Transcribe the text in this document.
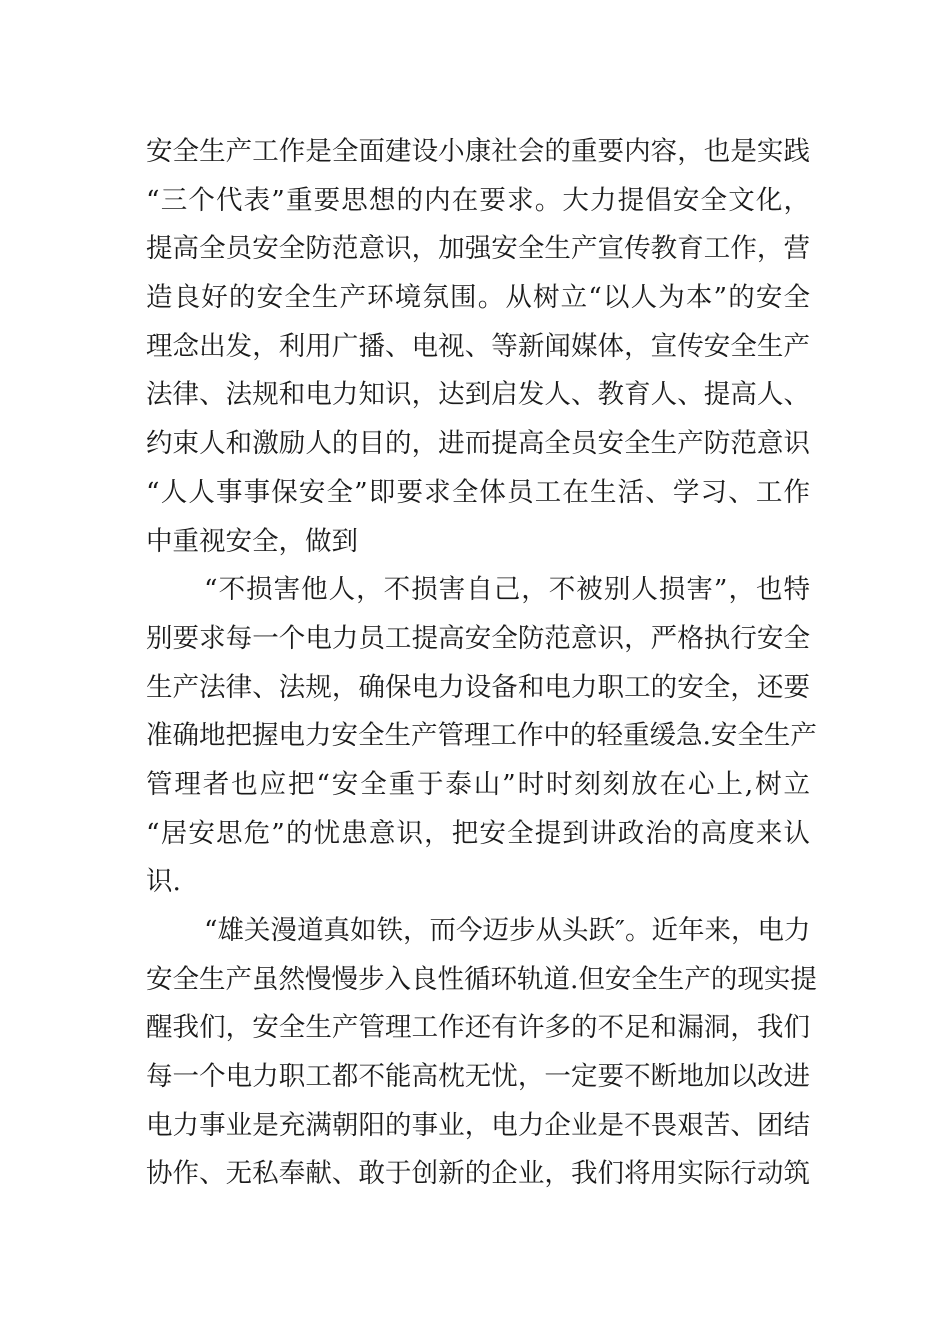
安全生产工作是全面建设小康社会的重要内容，也是实践
“三个代表”重要思想的内在要求。大力提倡安全文化，
提高全员安全防范意识，加强安全生产宣传教育工作，营
造良好的安全生产环境氛围。从树立“以人为本”的安全
理念出发，利用广播、电视、等新闻媒体，宣传安全生产
法律、法规和电力知识，达到启发人、教育人、提高人、
约束人和激励人的目的，进而提高全员安全生产防范意识
“人人事事保安全”即要求全体员工在生活、学习、工作
中重视安全，做到
“不损害他人，不损害自己，不被别人损害”，也特
别要求每一个电力员工提高安全防范意识，严格执行安全
生产法律、法规，确保电力设备和电力职工的安全，还要
准确地把握电力安全生产管理工作中的轻重缓急.安全生产
管理者也应把“安全重于泰山”时时刻刻放在心上,树立
“居安思危”的忧患意识，把安全提到讲政治的高度来认
识.
“雄关漫道真如铁，而今迈步从头跃″。近年来，电力
安全生产虽然慢慢步入良性循环轨道.但安全生产的现实提
醒我们，安全生产管理工作还有许多的不足和漏洞，我们
每一个电力职工都不能高枕无忧，一定要不断地加以改进
电力事业是充满朝阳的事业，电力企业是不畏艰苦、团结
协作、无私奉献、敢于创新的企业，我们将用实际行动筑
